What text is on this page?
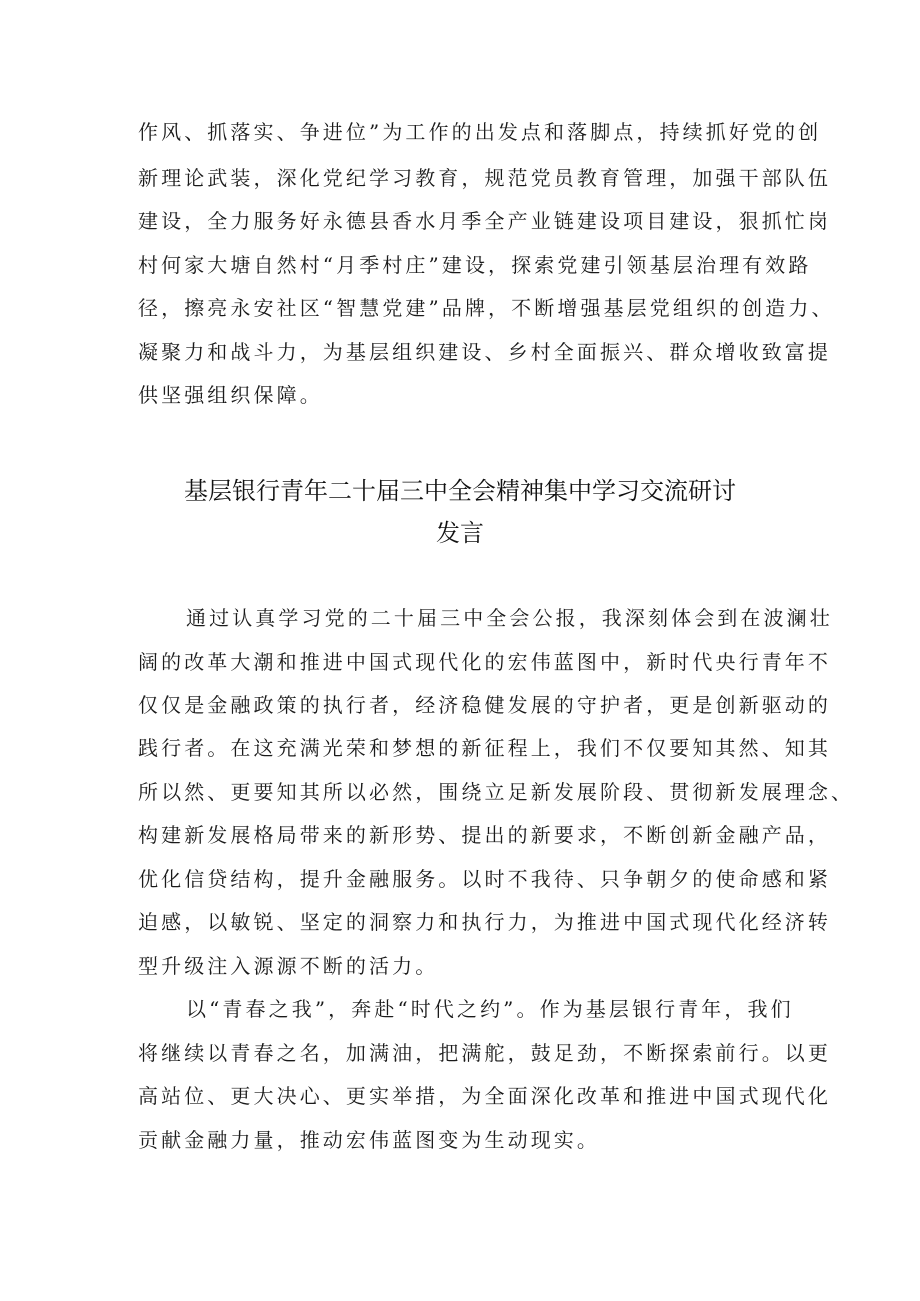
作风、抓落实、争进位”为工作的出发点和落脚点，持续抓好党的创
新理论武装，深化党纪学习教育，规范党员教育管理，加强干部队伍
建设，全力服务好永德县香水月季全产业链建设项目建设，狠抓忙岗
村何家大塘自然村“月季村庄”建设，探索党建引领基层治理有效路
径，擦亮永安社区“智慧党建”品牌，不断增强基层党组织的创造力、
凝聚力和战斗力，为基层组织建设、乡村全面振兴、群众增收致富提
供坚强组织保障。
基层银行青年二十届三中全会精神集中学习交流研讨
发言
通过认真学习党的二十届三中全会公报，我深刻体会到在波澜壮
阔的改革大潮和推进中国式现代化的宏伟蓝图中，新时代央行青年不
仅仅是金融政策的执行者，经济稳健发展的守护者，更是创新驱动的
践行者。在这充满光荣和梦想的新征程上，我们不仅要知其然、知其
所以然、更要知其所以必然，围绕立足新发展阶段、贯彻新发展理念、
构建新发展格局带来的新形势、提出的新要求，不断创新金融产品，
优化信贷结构，提升金融服务。以时不我待、只争朝夕的使命感和紧
迫感，以敏锐、坚定的洞察力和执行力，为推进中国式现代化经济转
型升级注入源源不断的活力。
以“青春之我”，奔赴“时代之约”。作为基层银行青年，我们
将继续以青春之名，加满油，把满舵，鼓足劲，不断探索前行。以更
高站位、更大决心、更实举措，为全面深化改革和推进中国式现代化
贡献金融力量，推动宏伟蓝图变为生动现实。
